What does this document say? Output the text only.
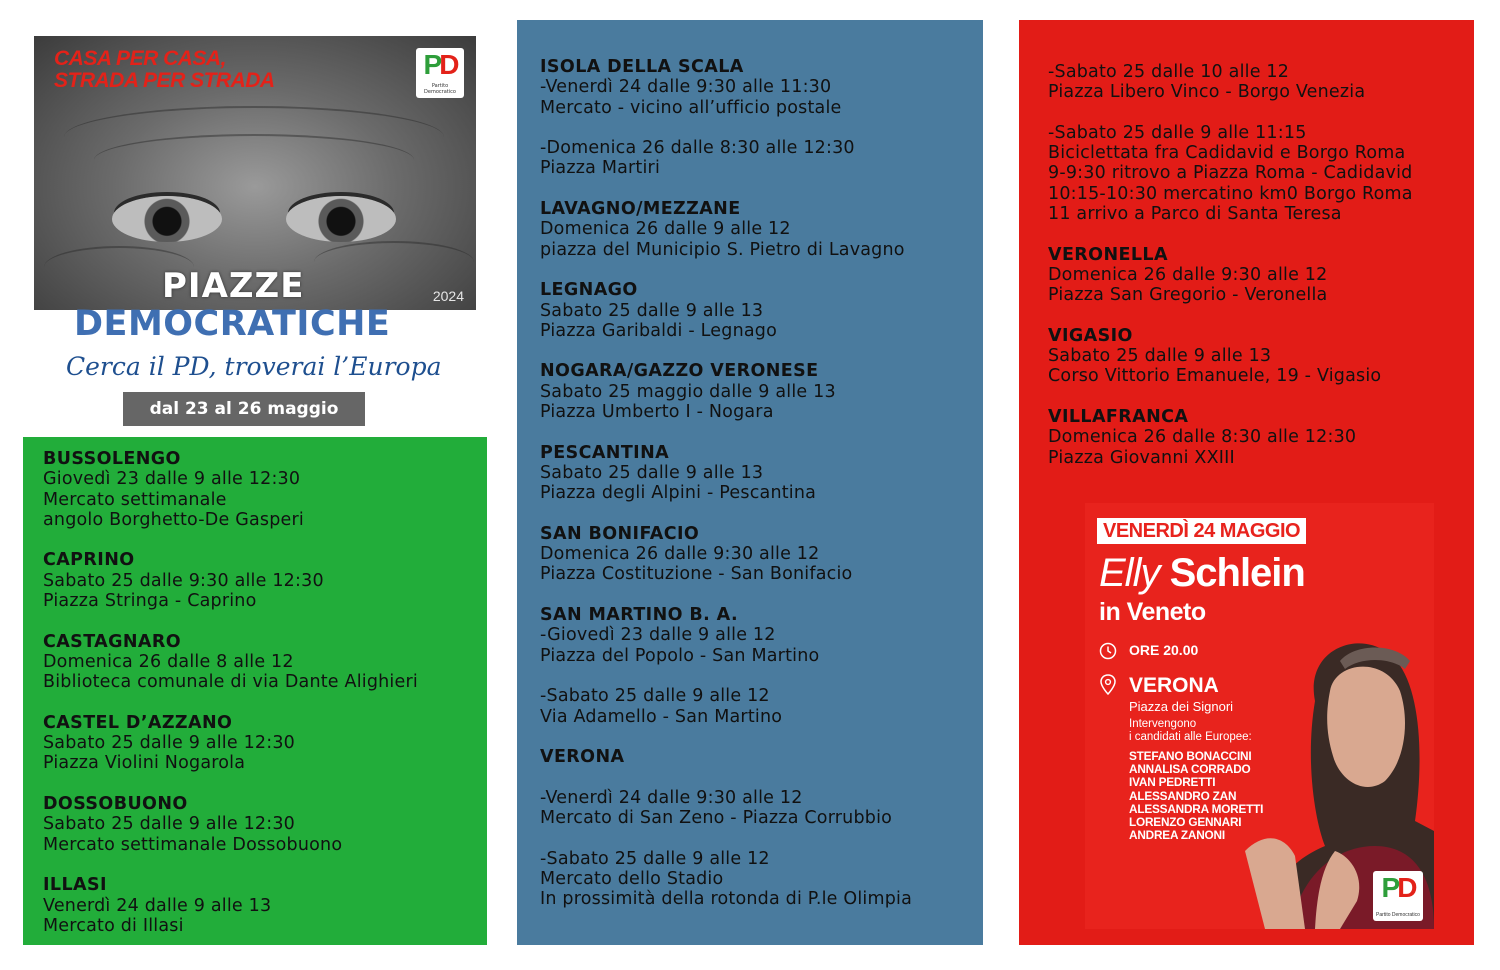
CASA PER CASA,
STRADA PER STRADA
PD
Partito Democratico
2024
PIAZZE
DEMOCRATICHE
Cerca il PD, troverai l’Europa
dal 23 al 26 maggio
BUSSOLENGO
Giovedì 23 dalle 9 alle 12:30
Mercato settimanale
angolo Borghetto-De Gasperi
CAPRINO
Sabato 25 dalle 9:30 alle 12:30
Piazza Stringa - Caprino
CASTAGNARO
Domenica 26 dalle 8 alle 12
Biblioteca comunale di via Dante Alighieri
CASTEL D’AZZANO
Sabato 25 dalle 9 alle 12:30
Piazza Violini Nogarola
DOSSOBUONO
Sabato 25 dalle 9 alle 12:30
Mercato settimanale Dossobuono
ILLASI
Venerdì 24 dalle 9 alle 13
Mercato di Illasi
ISOLA DELLA SCALA
-Venerdì 24 dalle 9:30 alle 11:30
Mercato - vicino all’ufficio postale
-Domenica 26 dalle 8:30 alle 12:30
Piazza Martiri
LAVAGNO/MEZZANE
Domenica 26 dalle 9 alle 12
piazza del Municipio S. Pietro di Lavagno
LEGNAGO
Sabato 25 dalle 9 alle 13
Piazza Garibaldi - Legnago
NOGARA/GAZZO VERONESE
Sabato 25 maggio dalle 9 alle 13
Piazza Umberto I - Nogara
PESCANTINA
Sabato 25 dalle 9 alle 13
Piazza degli Alpini - Pescantina
SAN BONIFACIO
Domenica 26 dalle 9:30 alle 12
Piazza Costituzione - San Bonifacio
SAN MARTINO B. A.
-Giovedì 23 dalle 9 alle 12
Piazza del Popolo - San Martino
-Sabato 25 dalle 9 alle 12
Via Adamello - San Martino
VERONA
-Venerdì 24 dalle 9:30 alle 12
Mercato di San Zeno - Piazza Corrubbio
-Sabato 25 dalle 9 alle 12
Mercato dello Stadio
In prossimità della rotonda di P.le Olimpia
-Sabato 25 dalle 10 alle 12
Piazza Libero Vinco - Borgo Venezia
-Sabato 25 dalle 9 alle 11:15
Biciclettata fra Cadidavid e Borgo Roma
9-9:30 ritrovo a Piazza Roma - Cadidavid
10:15-10:30 mercatino km0 Borgo Roma
11 arrivo a Parco di Santa Teresa
VERONELLA
Domenica 26 dalle 9:30 alle 12
Piazza San Gregorio - Veronella
VIGASIO
Sabato 25 dalle 9 alle 13
Corso Vittorio Emanuele, 19 - Vigasio
VILLAFRANCA
Domenica 26 dalle 8:30 alle 12:30
Piazza Giovanni XXIII
VENERDÌ 24 MAGGIO
Elly Schlein
in Veneto
ORE 20.00
VERONA
Piazza dei Signori
Intervengono
i candidati alle Europee:
STEFANO BONACCINI
ANNALISA CORRADO
IVAN PEDRETTI
ALESSANDRO ZAN
ALESSANDRA MORETTI
LORENZO GENNARI
ANDREA ZANONI
PD
Partito Democratico
